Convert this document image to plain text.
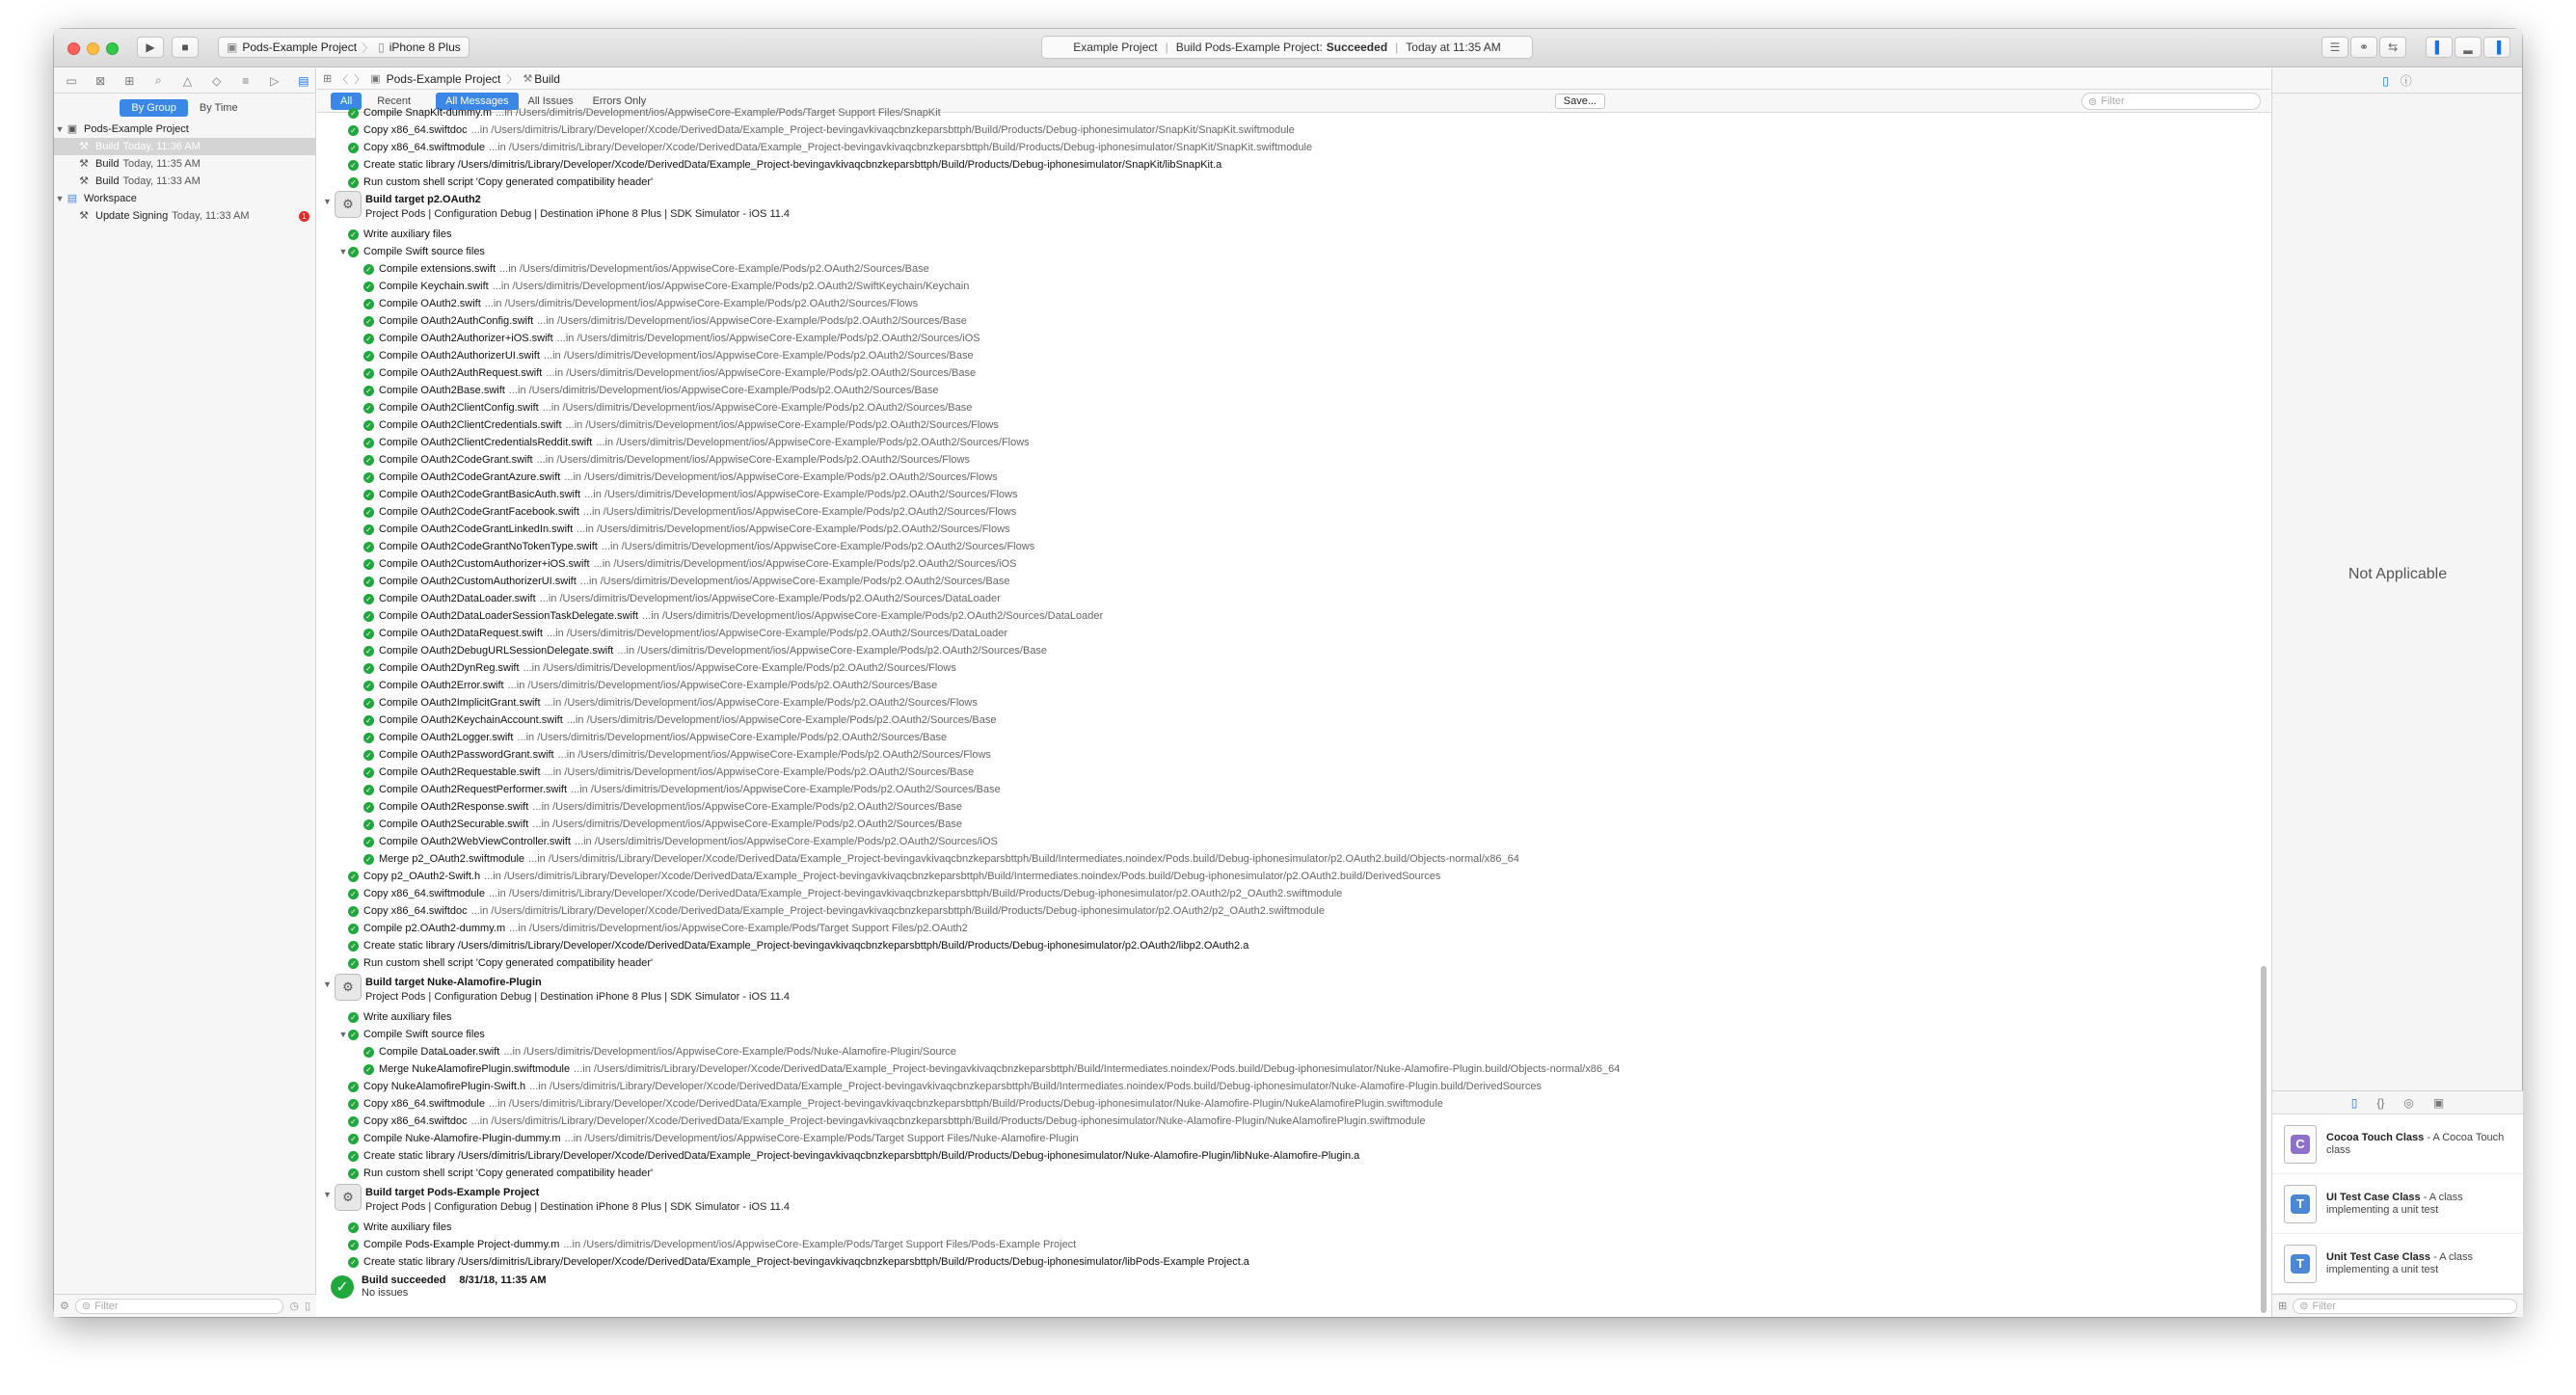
▶ ■	▣ Pods-Example Project 〉 ▯ iPhone 8 Plus	Example Project | Build Pods-Example Project: Succeeded | Today at 11:35 AM	☰ ⚭ ⇆	▌ ▂ ▐
▭	⊠	⊞	⌕	△	◇	≡	▷	▤
By Group	By Time
▼ ▣ Pods-Example Project
⚒ Build Today, 11:36 AM
⚒ Build Today, 11:35 AM
⚒ Build Today, 11:33 AM
▼ ▤ Workspace
⚒ Update Signing Today, 11:33 AM	1
⚙ ⊜ Filter	◷ ▯
⊞ 〈 〉 ▣ Pods-Example Project 〉 ⚒ Build
All	Recent	All Messages	All Issues	Errors Only	Save...	⊜ Filter
✓ Compile SnapKit-dummy.m ...in /Users/dimitris/Development/ios/AppwiseCore-Example/Pods/Target Support Files/SnapKit
✓ Copy x86_64.swiftdoc ...in /Users/dimitris/Library/Developer/Xcode/DerivedData/Example_Project-bevingavkivaqcbnzkeparsbttph/Build/Products/Debug-iphonesimulator/SnapKit/SnapKit.swiftmodule
✓ Copy x86_64.swiftmodule ...in /Users/dimitris/Library/Developer/Xcode/DerivedData/Example_Project-bevingavkivaqcbnzkeparsbttph/Build/Products/Debug-iphonesimulator/SnapKit/SnapKit.swiftmodule
✓ Create static library /Users/dimitris/Library/Developer/Xcode/DerivedData/Example_Project-bevingavkivaqcbnzkeparsbttph/Build/Products/Debug-iphonesimulator/SnapKit/libSnapKit.a
✓ Run custom shell script 'Copy generated compatibility header'
▼ ⚙	Build target p2.OAuth2
Project Pods | Configuration Debug | Destination iPhone 8 Plus | SDK Simulator - iOS 11.4
✓ Write auxiliary files
▼ ✓ Compile Swift source files
✓ Compile extensions.swift ...in /Users/dimitris/Development/ios/AppwiseCore-Example/Pods/p2.OAuth2/Sources/Base
✓ Compile Keychain.swift ...in /Users/dimitris/Development/ios/AppwiseCore-Example/Pods/p2.OAuth2/SwiftKeychain/Keychain
✓ Compile OAuth2.swift ...in /Users/dimitris/Development/ios/AppwiseCore-Example/Pods/p2.OAuth2/Sources/Flows
✓ Compile OAuth2AuthConfig.swift ...in /Users/dimitris/Development/ios/AppwiseCore-Example/Pods/p2.OAuth2/Sources/Base
✓ Compile OAuth2Authorizer+iOS.swift ...in /Users/dimitris/Development/ios/AppwiseCore-Example/Pods/p2.OAuth2/Sources/iOS
✓ Compile OAuth2AuthorizerUI.swift ...in /Users/dimitris/Development/ios/AppwiseCore-Example/Pods/p2.OAuth2/Sources/Base
✓ Compile OAuth2AuthRequest.swift ...in /Users/dimitris/Development/ios/AppwiseCore-Example/Pods/p2.OAuth2/Sources/Base
✓ Compile OAuth2Base.swift ...in /Users/dimitris/Development/ios/AppwiseCore-Example/Pods/p2.OAuth2/Sources/Base
✓ Compile OAuth2ClientConfig.swift ...in /Users/dimitris/Development/ios/AppwiseCore-Example/Pods/p2.OAuth2/Sources/Base
✓ Compile OAuth2ClientCredentials.swift ...in /Users/dimitris/Development/ios/AppwiseCore-Example/Pods/p2.OAuth2/Sources/Flows
✓ Compile OAuth2ClientCredentialsReddit.swift ...in /Users/dimitris/Development/ios/AppwiseCore-Example/Pods/p2.OAuth2/Sources/Flows
✓ Compile OAuth2CodeGrant.swift ...in /Users/dimitris/Development/ios/AppwiseCore-Example/Pods/p2.OAuth2/Sources/Flows
✓ Compile OAuth2CodeGrantAzure.swift ...in /Users/dimitris/Development/ios/AppwiseCore-Example/Pods/p2.OAuth2/Sources/Flows
✓ Compile OAuth2CodeGrantBasicAuth.swift ...in /Users/dimitris/Development/ios/AppwiseCore-Example/Pods/p2.OAuth2/Sources/Flows
✓ Compile OAuth2CodeGrantFacebook.swift ...in /Users/dimitris/Development/ios/AppwiseCore-Example/Pods/p2.OAuth2/Sources/Flows
✓ Compile OAuth2CodeGrantLinkedIn.swift ...in /Users/dimitris/Development/ios/AppwiseCore-Example/Pods/p2.OAuth2/Sources/Flows
✓ Compile OAuth2CodeGrantNoTokenType.swift ...in /Users/dimitris/Development/ios/AppwiseCore-Example/Pods/p2.OAuth2/Sources/Flows
✓ Compile OAuth2CustomAuthorizer+iOS.swift ...in /Users/dimitris/Development/ios/AppwiseCore-Example/Pods/p2.OAuth2/Sources/iOS
✓ Compile OAuth2CustomAuthorizerUI.swift ...in /Users/dimitris/Development/ios/AppwiseCore-Example/Pods/p2.OAuth2/Sources/Base
✓ Compile OAuth2DataLoader.swift ...in /Users/dimitris/Development/ios/AppwiseCore-Example/Pods/p2.OAuth2/Sources/DataLoader
✓ Compile OAuth2DataLoaderSessionTaskDelegate.swift ...in /Users/dimitris/Development/ios/AppwiseCore-Example/Pods/p2.OAuth2/Sources/DataLoader
✓ Compile OAuth2DataRequest.swift ...in /Users/dimitris/Development/ios/AppwiseCore-Example/Pods/p2.OAuth2/Sources/DataLoader
✓ Compile OAuth2DebugURLSessionDelegate.swift ...in /Users/dimitris/Development/ios/AppwiseCore-Example/Pods/p2.OAuth2/Sources/Base
✓ Compile OAuth2DynReg.swift ...in /Users/dimitris/Development/ios/AppwiseCore-Example/Pods/p2.OAuth2/Sources/Flows
✓ Compile OAuth2Error.swift ...in /Users/dimitris/Development/ios/AppwiseCore-Example/Pods/p2.OAuth2/Sources/Base
✓ Compile OAuth2ImplicitGrant.swift ...in /Users/dimitris/Development/ios/AppwiseCore-Example/Pods/p2.OAuth2/Sources/Flows
✓ Compile OAuth2KeychainAccount.swift ...in /Users/dimitris/Development/ios/AppwiseCore-Example/Pods/p2.OAuth2/Sources/Base
✓ Compile OAuth2Logger.swift ...in /Users/dimitris/Development/ios/AppwiseCore-Example/Pods/p2.OAuth2/Sources/Base
✓ Compile OAuth2PasswordGrant.swift ...in /Users/dimitris/Development/ios/AppwiseCore-Example/Pods/p2.OAuth2/Sources/Flows
✓ Compile OAuth2Requestable.swift ...in /Users/dimitris/Development/ios/AppwiseCore-Example/Pods/p2.OAuth2/Sources/Base
✓ Compile OAuth2RequestPerformer.swift ...in /Users/dimitris/Development/ios/AppwiseCore-Example/Pods/p2.OAuth2/Sources/Base
✓ Compile OAuth2Response.swift ...in /Users/dimitris/Development/ios/AppwiseCore-Example/Pods/p2.OAuth2/Sources/Base
✓ Compile OAuth2Securable.swift ...in /Users/dimitris/Development/ios/AppwiseCore-Example/Pods/p2.OAuth2/Sources/Base
✓ Compile OAuth2WebViewController.swift ...in /Users/dimitris/Development/ios/AppwiseCore-Example/Pods/p2.OAuth2/Sources/iOS
✓ Merge p2_OAuth2.swiftmodule ...in /Users/dimitris/Library/Developer/Xcode/DerivedData/Example_Project-bevingavkivaqcbnzkeparsbttph/Build/Intermediates.noindex/Pods.build/Debug-iphonesimulator/p2.OAuth2.build/Objects-normal/x86_64
✓ Copy p2_OAuth2-Swift.h ...in /Users/dimitris/Library/Developer/Xcode/DerivedData/Example_Project-bevingavkivaqcbnzkeparsbttph/Build/Intermediates.noindex/Pods.build/Debug-iphonesimulator/p2.OAuth2.build/DerivedSources
✓ Copy x86_64.swiftmodule ...in /Users/dimitris/Library/Developer/Xcode/DerivedData/Example_Project-bevingavkivaqcbnzkeparsbttph/Build/Products/Debug-iphonesimulator/p2.OAuth2/p2_OAuth2.swiftmodule
✓ Copy x86_64.swiftdoc ...in /Users/dimitris/Library/Developer/Xcode/DerivedData/Example_Project-bevingavkivaqcbnzkeparsbttph/Build/Products/Debug-iphonesimulator/p2.OAuth2/p2_OAuth2.swiftmodule
✓ Compile p2.OAuth2-dummy.m ...in /Users/dimitris/Development/ios/AppwiseCore-Example/Pods/Target Support Files/p2.OAuth2
✓ Create static library /Users/dimitris/Library/Developer/Xcode/DerivedData/Example_Project-bevingavkivaqcbnzkeparsbttph/Build/Products/Debug-iphonesimulator/p2.OAuth2/libp2.OAuth2.a
✓ Run custom shell script 'Copy generated compatibility header'
▼ ⚙	Build target Nuke-Alamofire-Plugin
Project Pods | Configuration Debug | Destination iPhone 8 Plus | SDK Simulator - iOS 11.4
✓ Write auxiliary files
▼ ✓ Compile Swift source files
✓ Compile DataLoader.swift ...in /Users/dimitris/Development/ios/AppwiseCore-Example/Pods/Nuke-Alamofire-Plugin/Source
✓ Merge NukeAlamofirePlugin.swiftmodule ...in /Users/dimitris/Library/Developer/Xcode/DerivedData/Example_Project-bevingavkivaqcbnzkeparsbttph/Build/Intermediates.noindex/Pods.build/Debug-iphonesimulator/Nuke-Alamofire-Plugin.build/Objects-normal/x86_64
✓ Copy NukeAlamofirePlugin-Swift.h ...in /Users/dimitris/Library/Developer/Xcode/DerivedData/Example_Project-bevingavkivaqcbnzkeparsbttph/Build/Intermediates.noindex/Pods.build/Debug-iphonesimulator/Nuke-Alamofire-Plugin.build/DerivedSources
✓ Copy x86_64.swiftmodule ...in /Users/dimitris/Library/Developer/Xcode/DerivedData/Example_Project-bevingavkivaqcbnzkeparsbttph/Build/Products/Debug-iphonesimulator/Nuke-Alamofire-Plugin/NukeAlamofirePlugin.swiftmodule
✓ Copy x86_64.swiftdoc ...in /Users/dimitris/Library/Developer/Xcode/DerivedData/Example_Project-bevingavkivaqcbnzkeparsbttph/Build/Products/Debug-iphonesimulator/Nuke-Alamofire-Plugin/NukeAlamofirePlugin.swiftmodule
✓ Compile Nuke-Alamofire-Plugin-dummy.m ...in /Users/dimitris/Development/ios/AppwiseCore-Example/Pods/Target Support Files/Nuke-Alamofire-Plugin
✓ Create static library /Users/dimitris/Library/Developer/Xcode/DerivedData/Example_Project-bevingavkivaqcbnzkeparsbttph/Build/Products/Debug-iphonesimulator/Nuke-Alamofire-Plugin/libNuke-Alamofire-Plugin.a
✓ Run custom shell script 'Copy generated compatibility header'
▼ ⚙	Build target Pods-Example Project
Project Pods | Configuration Debug | Destination iPhone 8 Plus | SDK Simulator - iOS 11.4
✓ Write auxiliary files
✓ Compile Pods-Example Project-dummy.m ...in /Users/dimitris/Development/ios/AppwiseCore-Example/Pods/Target Support Files/Pods-Example Project
✓ Create static library /Users/dimitris/Library/Developer/Xcode/DerivedData/Example_Project-bevingavkivaqcbnzkeparsbttph/Build/Products/Debug-iphonesimulator/libPods-Example Project.a
✓	Build succeeded 8/31/18, 11:35 AM
No issues
▯ ⓘ
Not Applicable
▯ {} ◎ ▣
C	Cocoa Touch Class - A Cocoa Touch class
T	UI Test Case Class - A class implementing a unit test
T	Unit Test Case Class - A class implementing a unit test
⊞ ⊜ Filter
